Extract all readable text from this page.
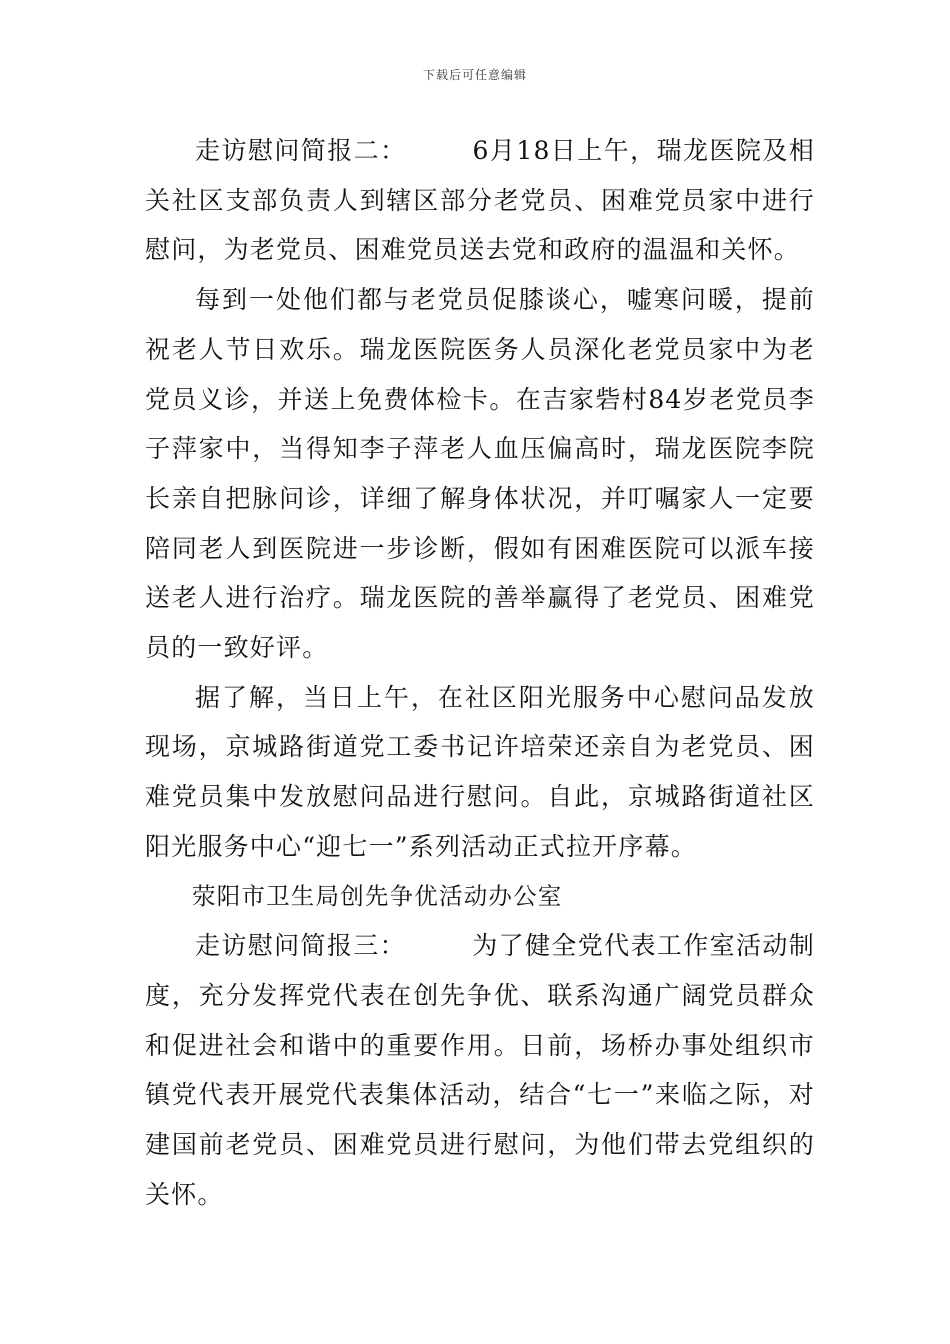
下载后可任意编辑

走访慰问简报二：	6月18日上午，瑞龙医院及相关社区支部负责人到辖区部分老党员、困难党员家中进行慰问，为老党员、困难党员送去党和政府的温温和关怀。

每到一处他们都与老党员促膝谈心，嘘寒问暖，提前祝老人节日欢乐。瑞龙医院医务人员深化老党员家中为老党员义诊，并送上免费体检卡。在吉家砦村84岁老党员李子萍家中，当得知李子萍老人血压偏高时，瑞龙医院李院长亲自把脉问诊，详细了解身体状况，并叮嘱家人一定要陪同老人到医院进一步诊断，假如有困难医院可以派车接送老人进行治疗。瑞龙医院的善举赢得了老党员、困难党员的一致好评。

据了解，当日上午，在社区阳光服务中心慰问品发放现场，京城路街道党工委书记许培荣还亲自为老党员、困难党员集中发放慰问品进行慰问。自此，京城路街道社区阳光服务中心“迎七一”系列活动正式拉开序幕。

荥阳市卫生局创先争优活动办公室

走访慰问简报三：	为了健全党代表工作室活动制度，充分发挥党代表在创先争优、联系沟通广阔党员群众和促进社会和谐中的重要作用。日前，场桥办事处组织市镇党代表开展党代表集体活动，结合“七一”来临之际，对建国前老党员、困难党员进行慰问，为他们带去党组织的关怀。
